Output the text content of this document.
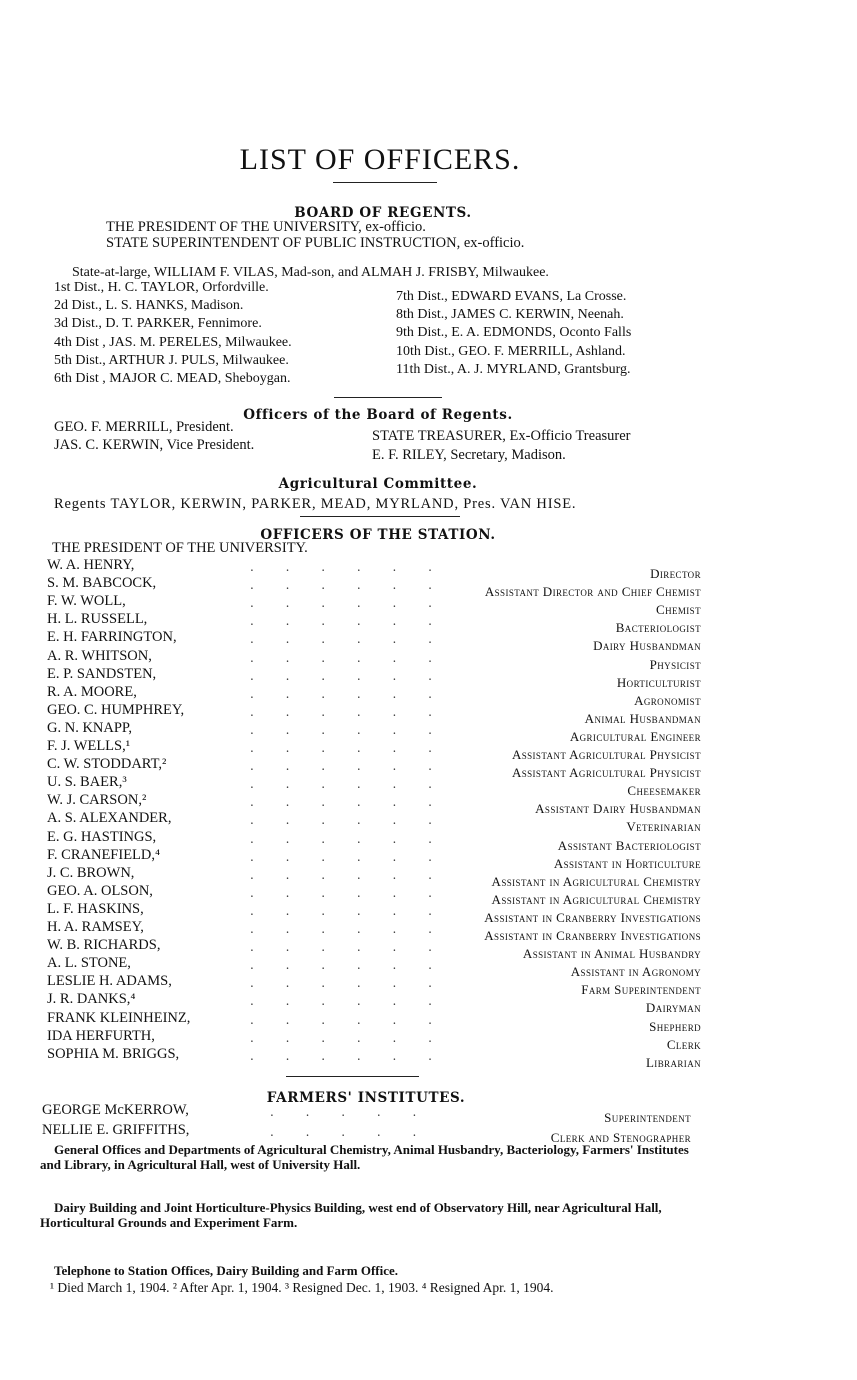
LIST OF OFFICERS.
BOARD OF REGENTS.
THE PRESIDENT OF THE UNIVERSITY, ex-officio.
STATE SUPERINTENDENT OF PUBLIC INSTRUCTION, ex-officio.
State-at-large, WILLIAM F. VILAS, Mad-son, and ALMAH J. FRISBY, Milwaukee.
1st Dist., H. C. TAYLOR, Orfordville.
2d Dist., L. S. HANKS, Madison.
3d Dist., D. T. PARKER, Fennimore.
4th Dist , JAS. M. PERELES, Milwaukee.
5th Dist., ARTHUR J. PULS, Milwaukee.
6th Dist , MAJOR C. MEAD, Sheboygan.
7th Dist., EDWARD EVANS, La Crosse.
8th Dist., JAMES C. KERWIN, Neenah.
9th Dist., E. A. EDMONDS, Oconto Falls
10th Dist., GEO. F. MERRILL, Ashland.
11th Dist., A. J. MYRLAND, Grantsburg.
Officers of the Board of Regents.
GEO. F. MERRILL, President.
JAS. C. KERWIN, Vice President.
STATE TREASURER, Ex-Officio Treasurer
E. F. RILEY, Secretary, Madison.
Agricultural Committee.
Regents TAYLOR, KERWIN, PARKER, MEAD, MYRLAND, Pres. VAN HISE.
OFFICERS OF THE STATION.
THE PRESIDENT OF THE UNIVERSITY.
W. A. HENRY,	. . . . . .	Director
S. M. BABCOCK,	. . . . . .	Assistant Director and Chief Chemist
F. W. WOLL,	. . . . . .	Chemist
H. L. RUSSELL,	. . . . . .	Bacteriologist
E. H. FARRINGTON,	. . . . . .	Dairy Husbandman
A. R. WHITSON,	. . . . . .	Physicist
E. P. SANDSTEN,	. . . . . .	Horticulturist
R. A. MOORE,	. . . . . .	Agronomist
GEO. C. HUMPHREY,	. . . . . .	Animal Husbandman
G. N. KNAPP,	. . . . . .	Agricultural Engineer
F. J. WELLS,¹	. . . . . .	Assistant Agricultural Physicist
C. W. STODDART,²	. . . . . .	Assistant Agricultural Physicist
U. S. BAER,³	. . . . . .	Cheesemaker
W. J. CARSON,²	. . . . . .	Assistant Dairy Husbandman
A. S. ALEXANDER,	. . . . . .	Veterinarian
E. G. HASTINGS,	. . . . . .	Assistant Bacteriologist
F. CRANEFIELD,⁴	. . . . . .	Assistant in Horticulture
J. C. BROWN,	. . . . . .	Assistant in Agricultural Chemistry
GEO. A. OLSON,	. . . . . .	Assistant in Agricultural Chemistry
L. F. HASKINS,	. . . . . .	Assistant in Cranberry Investigations
H. A. RAMSEY,	. . . . . .	Assistant in Cranberry Investigations
W. B. RICHARDS,	. . . . . .	Assistant in Animal Husbandry
A. L. STONE,	. . . . . .	Assistant in Agronomy
LESLIE H. ADAMS,	. . . . . .	Farm Superintendent
J. R. DANKS,⁴	. . . . . .	Dairyman
FRANK KLEINHEINZ,	. . . . . .	Shepherd
IDA HERFURTH,	. . . . . .	Clerk
SOPHIA M. BRIGGS,	. . . . . .	Librarian
FARMERS' INSTITUTES.
GEORGE McKERROW,	. . . . .	Superintendent
NELLIE E. GRIFFITHS,	. . . . .	Clerk and Stenographer
General Offices and Departments of Agricultural Chemistry, Animal Husbandry, Bacteriology, Farmers' Institutes and Library, in Agricultural Hall, west of University Hall.
Dairy Building and Joint Horticulture-Physics Building, west end of Observatory Hill, near Agricultural Hall, Horticultural Grounds and Experiment Farm.
Telephone to Station Offices, Dairy Building and Farm Office.
¹ Died March 1, 1904. ² After Apr. 1, 1904. ³ Resigned Dec. 1, 1903. ⁴ Resigned Apr. 1, 1904.
